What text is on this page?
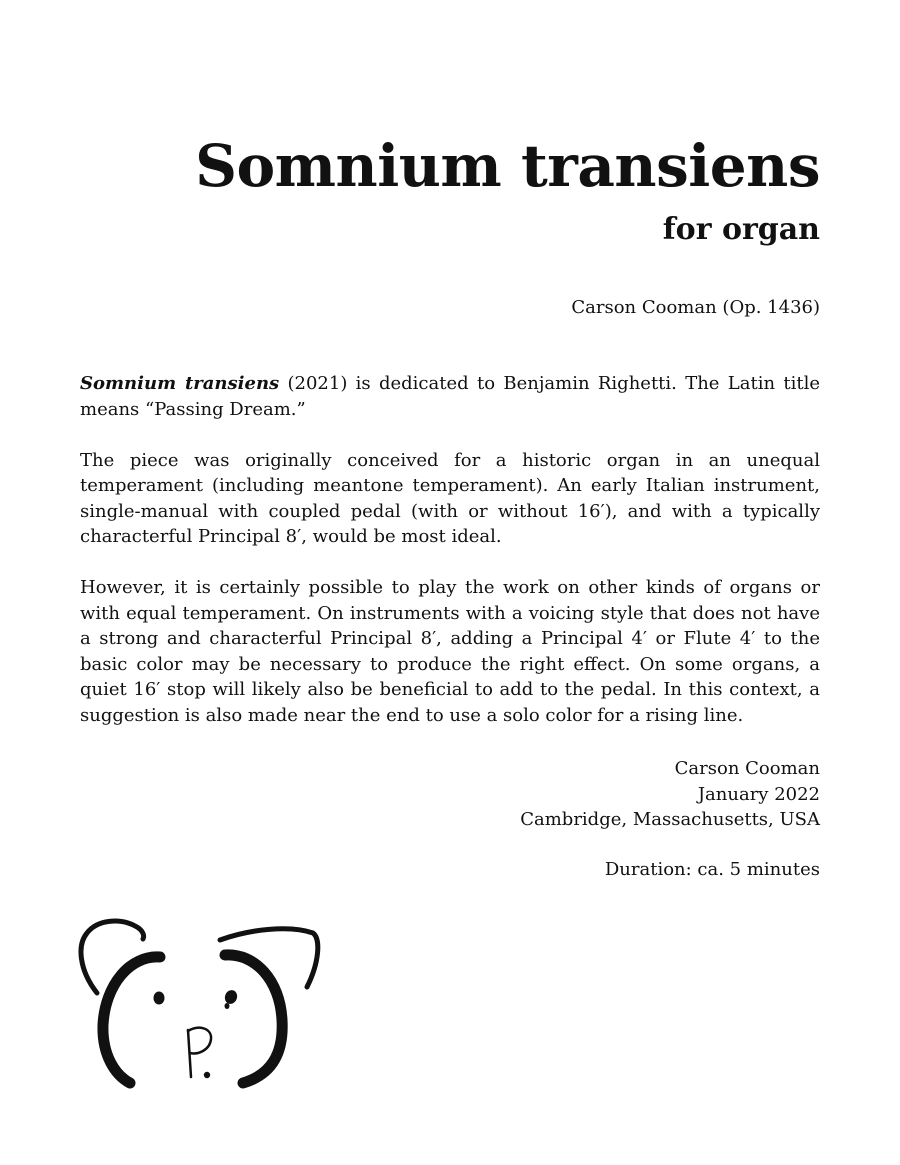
Somnium transiens
for organ
Carson Cooman (Op. 1436)

Somnium transiens (2021) is dedicated to Benjamin Righetti. The Latin title means “Passing Dream.”

The piece was originally conceived for a historic organ in an unequal temperament (including meantone temperament). An early Italian instrument, single-manual with coupled pedal (with or without 16′), and with a typically characterful Principal 8′, would be most ideal.

However, it is certainly possible to play the work on other kinds of organs or with equal temperament. On instruments with a voicing style that does not have a strong and characterful Principal 8′, adding a Principal 4′ or Flute 4′ to the basic color may be necessary to produce the right effect. On some organs, a quiet 16′ stop will likely also be beneficial to add to the pedal. In this context, a suggestion is also made near the end to use a solo color for a rising line.

Carson Cooman
January 2022
Cambridge, Massachusetts, USA
Duration: ca. 5 minutes
